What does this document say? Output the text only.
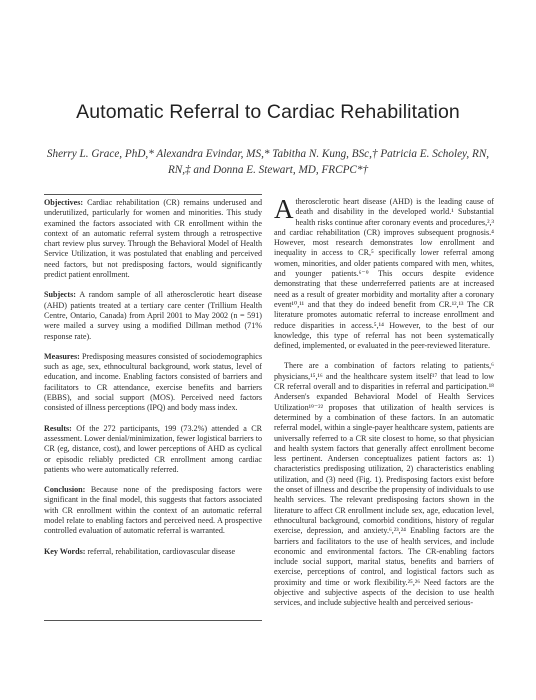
Automatic Referral to Cardiac Rehabilitation
Sherry L. Grace, PhD,* Alexandra Evindar, MS,* Tabitha N. Kung, BSc,† Patricia E. Scholey, RN,
RN,‡ and Donna E. Stewart, MD, FRCPC*†

Objectives: Cardiac rehabilitation (CR) remains underused and underutilized, particularly for women and minorities. This study examined the factors associated with CR enrollment within the context of an automatic referral system through a retrospective chart review plus survey. Through the Behavioral Model of Health Service Utilization, it was postulated that enabling and perceived need factors, but not predisposing factors, would significantly predict patient enrollment.

Subjects: A random sample of all atherosclerotic heart disease (AHD) patients treated at a tertiary care center (Trillium Health Centre, Ontario, Canada) from April 2001 to May 2002 (n = 591) were mailed a survey using a modified Dillman method (71% response rate).

Measures: Predisposing measures consisted of sociodemographics such as age, sex, ethnocultural background, work status, level of education, and income. Enabling factors consisted of barriers and facilitators to CR attendance, exercise benefits and barriers (EBBS), and social support (MOS). Perceived need factors consisted of illness perceptions (IPQ) and body mass index.

Results: Of the 272 participants, 199 (73.2%) attended a CR assessment. Lower denial/minimization, fewer logistical barriers to CR (eg, distance, cost), and lower perceptions of AHD as cyclical or episodic reliably predicted CR enrollment among cardiac patients who were automatically referred.

Conclusion: Because none of the predisposing factors were significant in the final model, this suggests that factors associated with CR enrollment within the context of an automatic referral model relate to enabling factors and perceived need. A prospective controlled evaluation of automatic referral is warranted.

Key Words: referral, rehabilitation, cardiovascular disease

Atherosclerotic heart disease (AHD) is the leading cause of death and disability in the developed world.¹ Substantial health risks continue after coronary events and procedures,²,³ and cardiac rehabilitation (CR) improves subsequent prognosis.⁴ However, most research demonstrates low enrollment and inequality in access to CR,⁵ specifically lower referral among women, minorities, and older patients compared with men, whites, and younger patients.⁶⁻⁹ This occurs despite evidence demonstrating that these underreferred patients are at increased need as a result of greater morbidity and mortality after a coronary event¹⁰,¹¹ and that they do indeed benefit from CR.¹²,¹³ The CR literature promotes automatic referral to increase enrollment and reduce disparities in access.⁵,¹⁴ However, to the best of our knowledge, this type of referral has not been systematically defined, implemented, or evaluated in the peer-reviewed literature.

There are a combination of factors relating to patients,⁶ physicians,¹⁵,¹⁶ and the healthcare system itself¹⁷ that lead to low CR referral overall and to disparities in referral and participation.¹⁸ Andersen's expanded Behavioral Model of Health Services Utilization¹⁹⁻²² proposes that utilization of health services is determined by a combination of these factors. In an automatic referral model, within a single-payer healthcare system, patients are universally referred to a CR site closest to home, so that physician and health system factors that generally affect enrollment become less pertinent. Andersen conceptualizes patient factors as: 1) characteristics predisposing utilization, 2) characteristics enabling utilization, and (3) need (Fig. 1). Predisposing factors exist before the onset of illness and describe the propensity of individuals to use health services. The relevant predisposing factors shown in the literature to affect CR enrollment include sex, age, education level, ethnocultural background, comorbid conditions, history of regular exercise, depression, and anxiety.⁶,²³,²⁴ Enabling factors are the barriers and facilitators to the use of health services, and include economic and environmental factors. The CR-enabling factors include social support, marital status, benefits and barriers of exercise, perceptions of control, and logistical factors such as proximity and time or work flexibility.²⁵,²⁶ Need factors are the objective and subjective aspects of the decision to use health services, and include subjective health and perceived serious-
